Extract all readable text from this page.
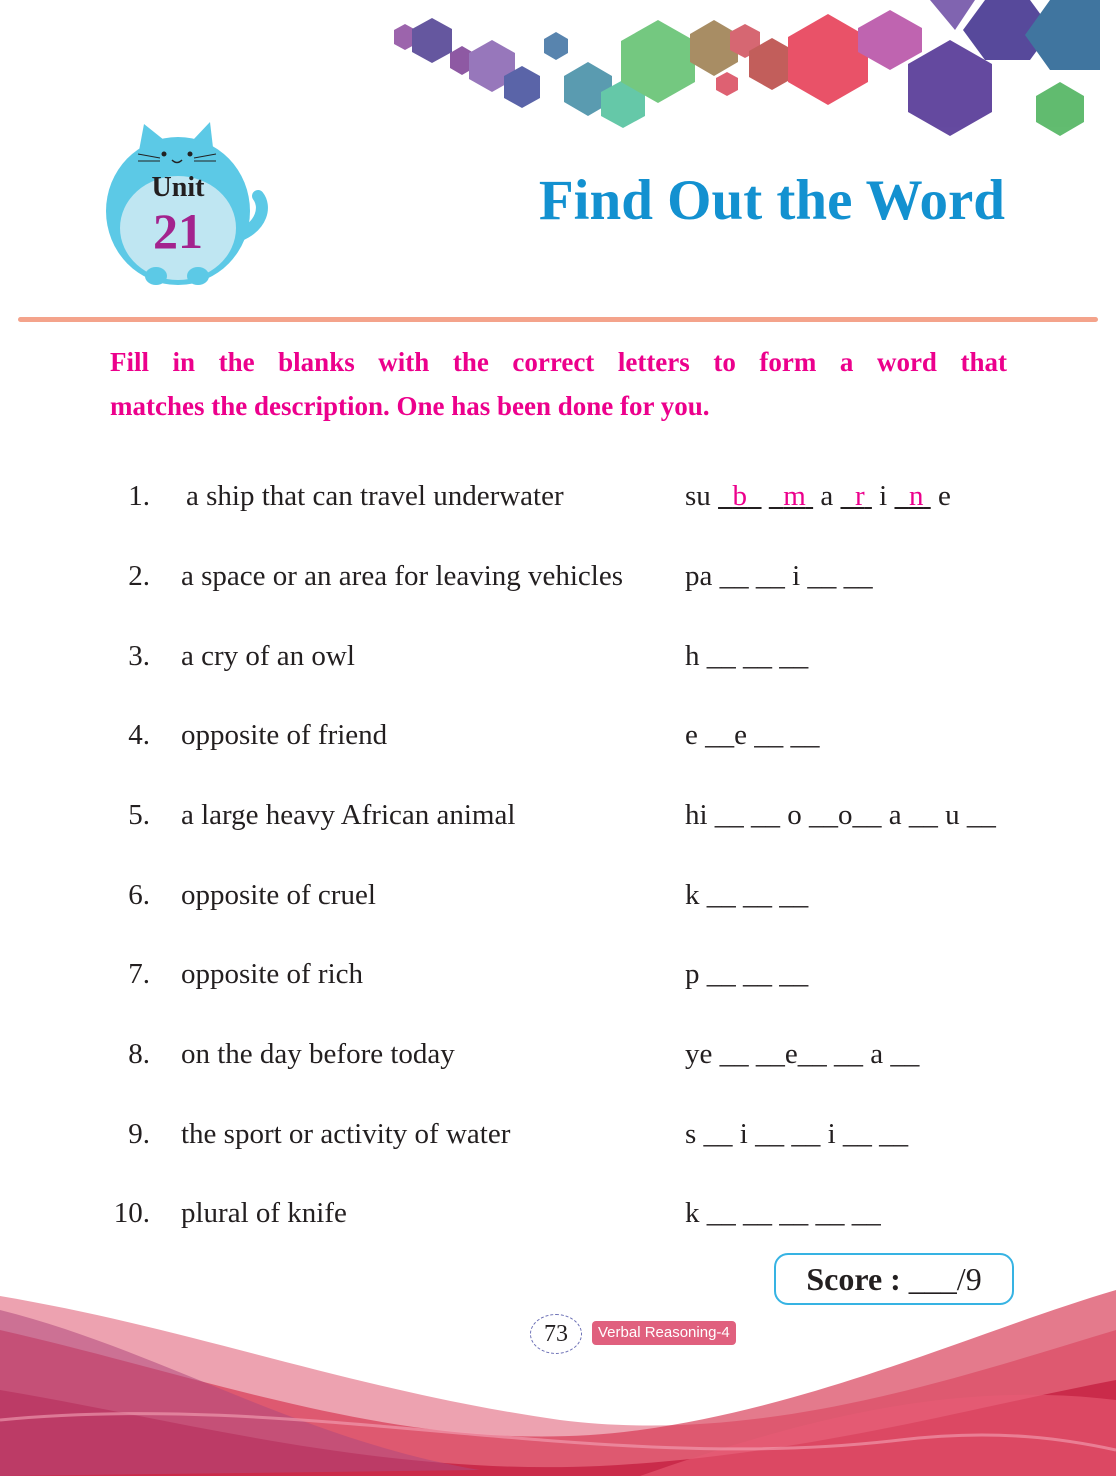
Unit
21	Find Out the Word
Fill in the blanks with the correct letters to form a word that
matches the description. One has been done for you.
1. a ship that can travel underwater	su   b m  a   r  i   n  e
2. a space or an area for leaving vehicles pa __ __ i __ __
3. a cry of an owl	h __ __ __
4. opposite of friend	e __e __ __
5. a large heavy African animal	hi __ __ o __o__ a __ u __
6. opposite of cruel	k __ __ __
7. opposite of rich	p __ __ __
8. on the day before today	ye __ __e__ __ a __
9. the sport or activity of water	s __ i __ __ i __ __
10. plural of knife	k __ __ __ __ __
Score : ___/9
73	Verbal Reasoning-4
